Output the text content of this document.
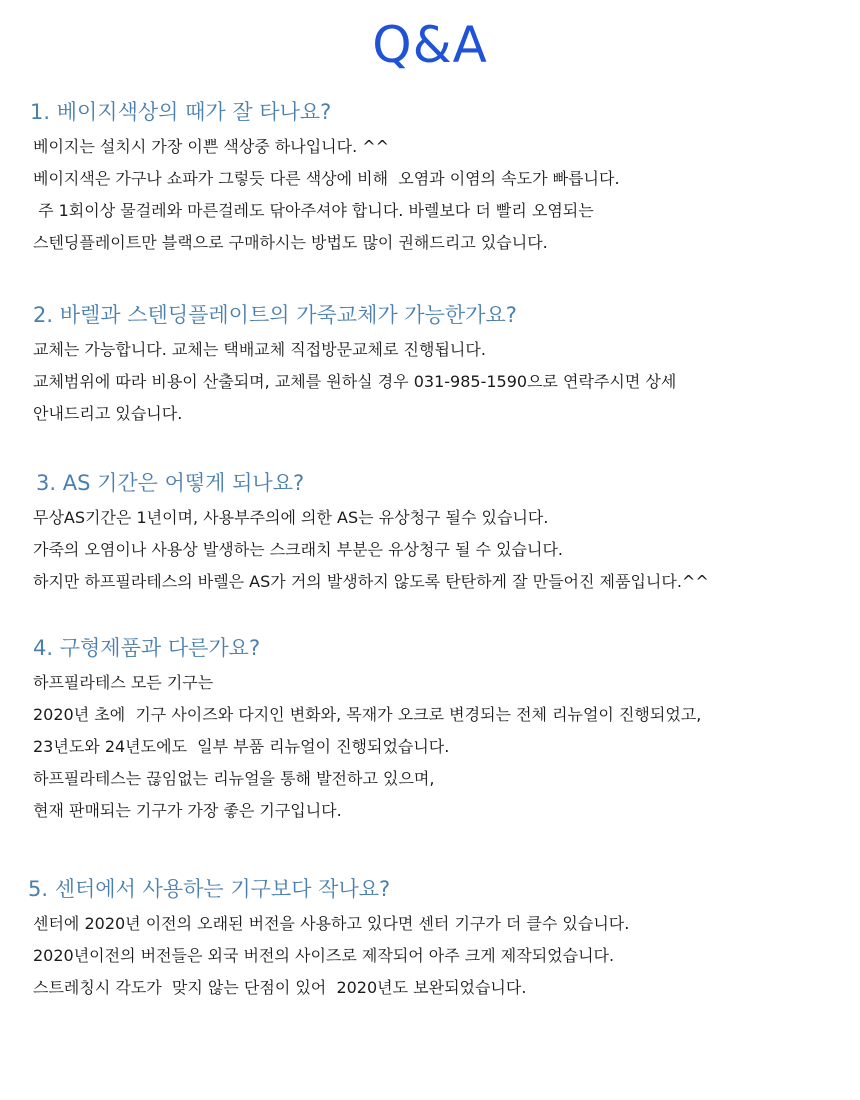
Q&A
1. 베이지색상의 때가 잘 타나요?
베이지는 설치시 가장 이쁜 색상중 하나입니다. ^^
베이지색은 가구나 쇼파가 그렇듯 다른 색상에 비해  오염과 이염의 속도가 빠릅니다.
주 1회이상 물걸레와 마른걸레도 닦아주셔야 합니다. 바렐보다 더 빨리 오염되는
스텐딩플레이트만 블랙으로 구매하시는 방법도 많이 권해드리고 있습니다.
2. 바렐과 스텐딩플레이트의 가죽교체가 가능한가요?
교체는 가능합니다. 교체는 택배교체 직접방문교체로 진행됩니다.
교체범위에 따라 비용이 산출되며, 교체를 원하실 경우 031-985-1590으로 연락주시면 상세
안내드리고 있습니다.
3. AS 기간은 어떻게 되나요?
무상AS기간은 1년이며, 사용부주의에 의한 AS는 유상청구 될수 있습니다.
가죽의 오염이나 사용상 발생하는 스크래치 부분은 유상청구 될 수 있습니다.
하지만 하프필라테스의 바렐은 AS가 거의 발생하지 않도록 탄탄하게 잘 만들어진 제품입니다.^^
4. 구형제품과 다른가요?
하프필라테스 모든 기구는
2020년 초에  기구 사이즈와 다지인 변화와, 목재가 오크로 변경되는 전체 리뉴얼이 진행되었고,
23년도와 24년도에도  일부 부품 리뉴얼이 진행되었습니다.
하프필라테스는 끊임없는 리뉴얼을 통해 발전하고 있으며,
현재 판매되는 기구가 가장 좋은 기구입니다.
5. 센터에서 사용하는 기구보다 작나요?
센터에 2020년 이전의 오래된 버전을 사용하고 있다면 센터 기구가 더 클수 있습니다.
2020년이전의 버전들은 외국 버전의 사이즈로 제작되어 아주 크게 제작되었습니다.
스트레칭시 각도가  맞지 않는 단점이 있어  2020년도 보완되었습니다.
